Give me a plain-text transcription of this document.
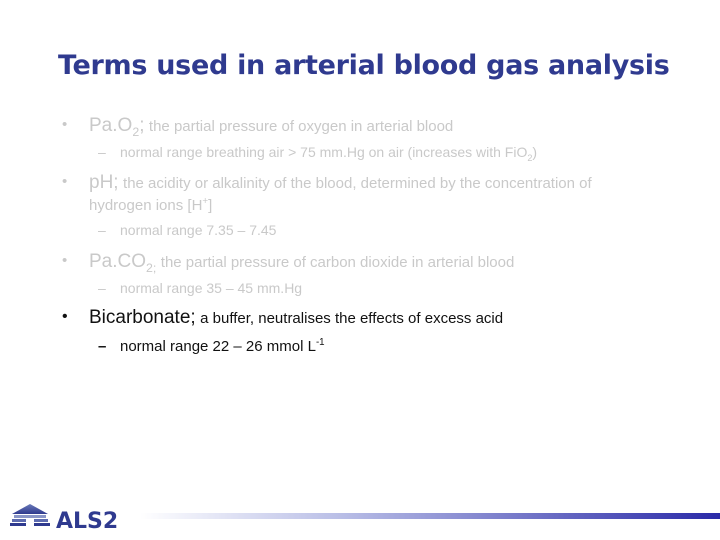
Terms used in arterial blood gas analysis
• $Pa.O_2$; the partial pressure of oxygen in arterial blood
– normal range breathing air > 75 mm.Hg on air (increases with FiO$_2$)
• pH; the acidity or alkalinity of the blood, determined by the concentration of
hydrogen ions [H+]
– normal range 7.35 – 7.45
• $Pa.CO_{2;}$ the partial pressure of carbon dioxide in arterial blood
– normal range 35 – 45 mm.Hg
• Bicarbonate; a buffer, neutralises the effects of excess acid
– normal range 22 – 26 mmol $L^{-1}$
ALS2
